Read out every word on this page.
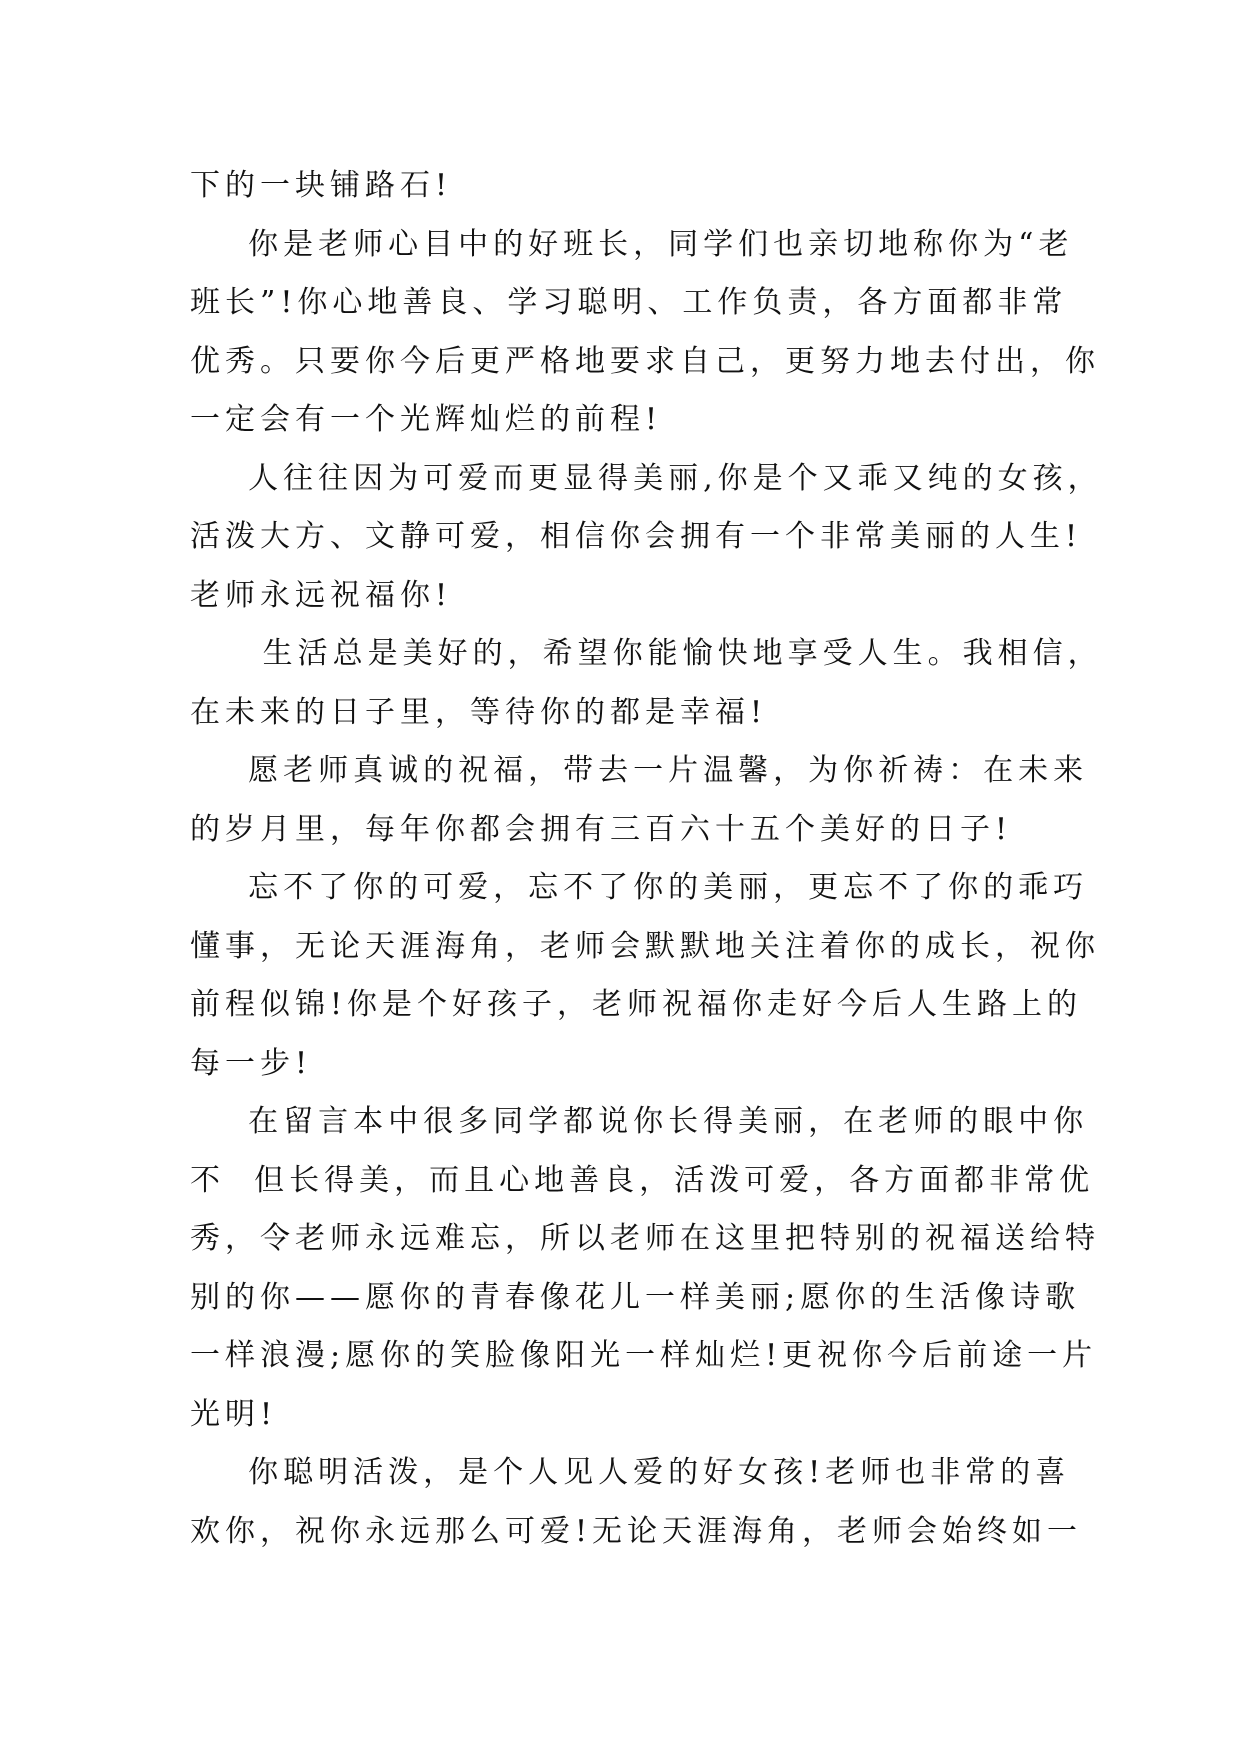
下的一块铺路石!
你是老师心目中的好班长，同学们也亲切地称你为“老
班长”!你心地善良、学习聪明、工作负责，各方面都非常
优秀。只要你今后更严格地要求自己，更努力地去付出，你
一定会有一个光辉灿烂的前程!
人往往因为可爱而更显得美丽,你是个又乖又纯的女孩，
活泼大方、文静可爱，相信你会拥有一个非常美丽的人生!
老师永远祝福你!
生活总是美好的，希望你能愉快地享受人生。我相信，
在未来的日子里，等待你的都是幸福!
愿老师真诚的祝福，带去一片温馨，为你祈祷：在未来
的岁月里，每年你都会拥有三百六十五个美好的日子!
忘不了你的可爱，忘不了你的美丽，更忘不了你的乖巧
懂事，无论天涯海角，老师会默默地关注着你的成长，祝你
前程似锦!你是个好孩子，老师祝福你走好今后人生路上的
每一步!
在留言本中很多同学都说你长得美丽，在老师的眼中你
不  但长得美，而且心地善良，活泼可爱，各方面都非常优
秀，令老师永远难忘，所以老师在这里把特别的祝福送给特
别的你——愿你的青春像花儿一样美丽;愿你的生活像诗歌
一样浪漫;愿你的笑脸像阳光一样灿烂!更祝你今后前途一片
光明!
你聪明活泼，是个人见人爱的好女孩!老师也非常的喜
欢你，祝你永远那么可爱!无论天涯海角，老师会始终如一
